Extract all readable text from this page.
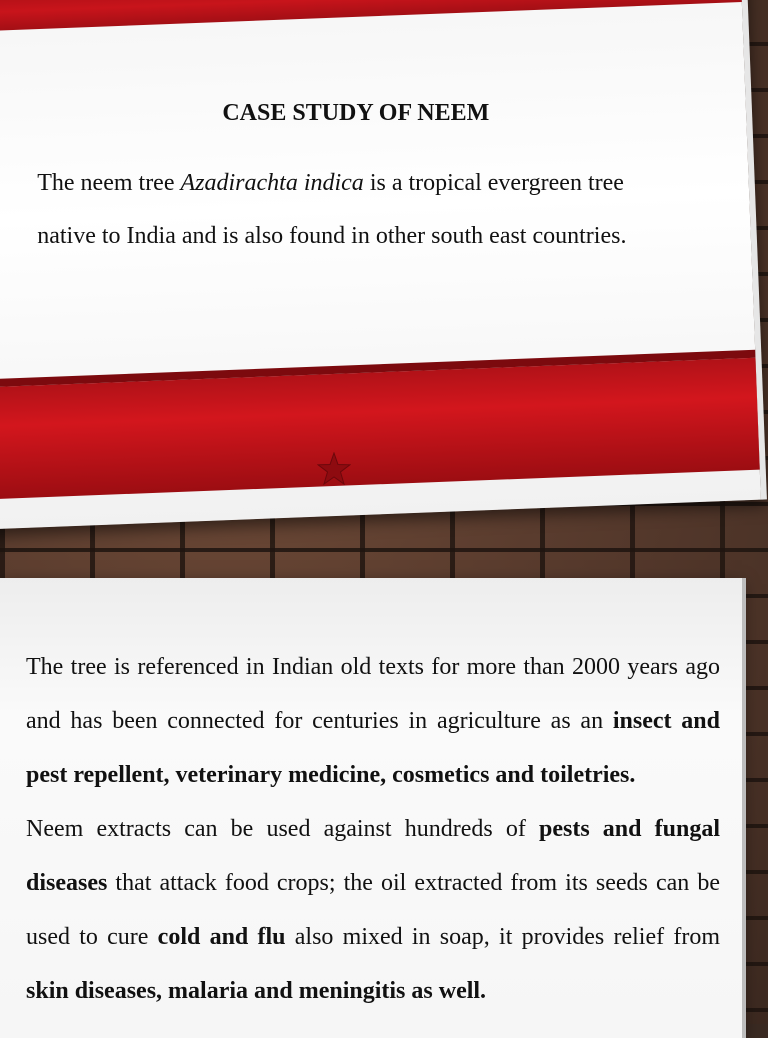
CASE STUDY OF NEEM
The neem tree Azadirachta indica is a tropical evergreen tree native to India and is also found in other south east countries.

The tree is referenced in Indian old texts for more than 2000 years ago and has been connected for centuries in agriculture as an insect and pest repellent, veterinary medicine, cosmetics and toiletries.

Neem extracts can be used against hundreds of pests and fungal diseases that attack food crops; the oil extracted from its seeds can be used to cure cold and flu also mixed in soap, it provides relief from skin diseases, malaria and meningitis as well.
